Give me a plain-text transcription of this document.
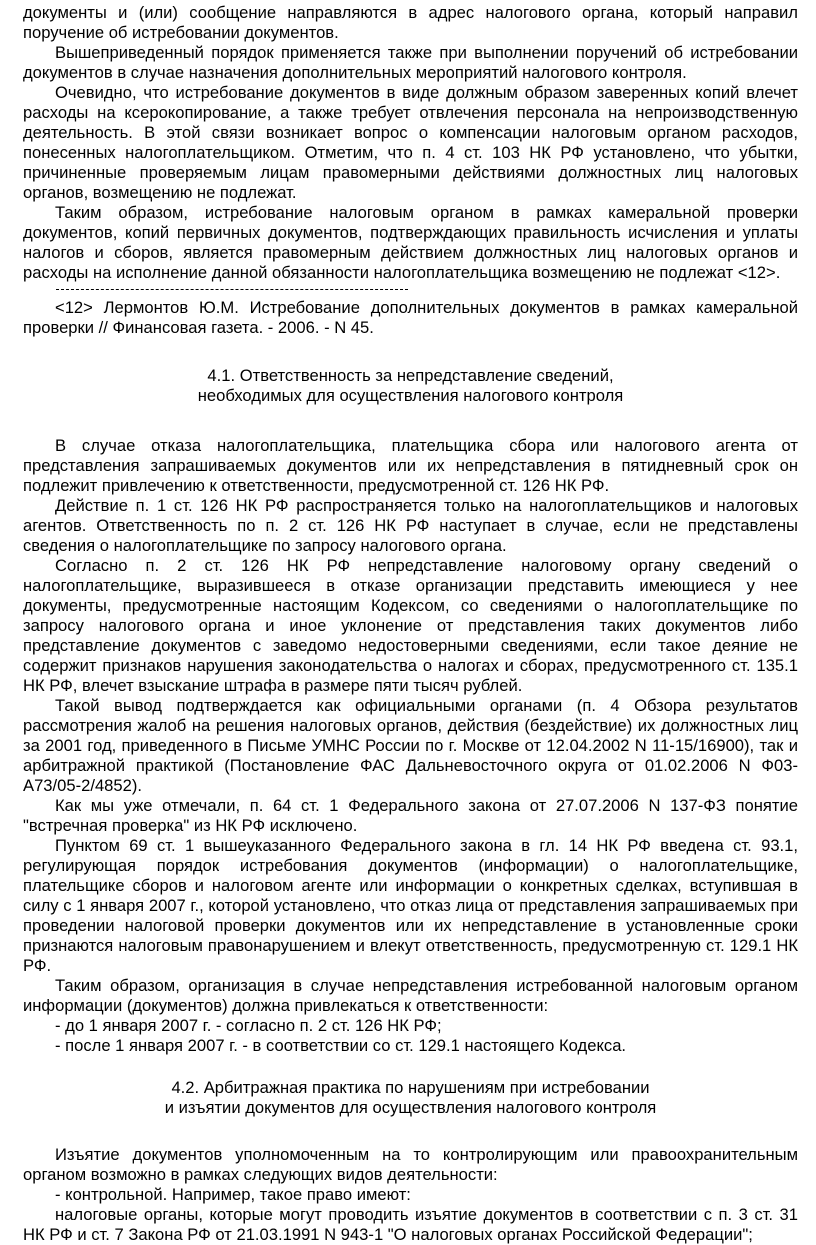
документы и (или) сообщение направляются в адрес налогового органа, который направил поручение об истребовании документов.

Вышеприведенный порядок применяется также при выполнении поручений об истребовании документов в случае назначения дополнительных мероприятий налогового контроля.

Очевидно, что истребование документов в виде должным образом заверенных копий влечет расходы на ксерокопирование, а также требует отвлечения персонала на непроизводственную деятельность. В этой связи возникает вопрос о компенсации налоговым органом расходов, понесенных налогоплательщиком. Отметим, что п. 4 ст. 103 НК РФ установлено, что убытки, причиненные проверяемым лицам правомерными действиями должностных лиц налоговых органов, возмещению не подлежат.

Таким образом, истребование налоговым органом в рамках камеральной проверки документов, копий первичных документов, подтверждающих правильность исчисления и уплаты налогов и сборов, является правомерным действием должностных лиц налоговых органов и расходы на исполнение данной обязанности налогоплательщика возмещению не подлежат <12>.

<12> Лермонтов Ю.М. Истребование дополнительных документов в рамках камеральной проверки // Финансовая газета. - 2006. - N 45.

4.1. Ответственность за непредставление сведений,
необходимых для осуществления налогового контроля

В случае отказа налогоплательщика, плательщика сбора или налогового агента от представления запрашиваемых документов или их непредставления в пятидневный срок он подлежит привлечению к ответственности, предусмотренной ст. 126 НК РФ.

Действие п. 1 ст. 126 НК РФ распространяется только на налогоплательщиков и налоговых агентов. Ответственность по п. 2 ст. 126 НК РФ наступает в случае, если не представлены сведения о налогоплательщике по запросу налогового органа.

Согласно п. 2 ст. 126 НК РФ непредставление налоговому органу сведений о налогоплательщике, выразившееся в отказе организации представить имеющиеся у нее документы, предусмотренные настоящим Кодексом, со сведениями о налогоплательщике по запросу налогового органа и иное уклонение от представления таких документов либо представление документов с заведомо недостоверными сведениями, если такое деяние не содержит признаков нарушения законодательства о налогах и сборах, предусмотренного ст. 135.1 НК РФ, влечет взыскание штрафа в размере пяти тысяч рублей.

Такой вывод подтверждается как официальными органами (п. 4 Обзора результатов рассмотрения жалоб на решения налоговых органов, действия (бездействие) их должностных лиц за 2001 год, приведенного в Письме УМНС России по г. Москве от 12.04.2002 N 11-15/16900), так и арбитражной практикой (Постановление ФАС Дальневосточного округа от 01.02.2006 N Ф03- А73/05-2/4852).

Как мы уже отмечали, п. 64 ст. 1 Федерального закона от 27.07.2006 N 137-ФЗ понятие "встречная проверка" из НК РФ исключено.

Пунктом 69 ст. 1 вышеуказанного Федерального закона в гл. 14 НК РФ введена ст. 93.1, регулирующая порядок истребования документов (информации) о налогоплательщике, плательщике сборов и налоговом агенте или информации о конкретных сделках, вступившая в силу с 1 января 2007 г., которой установлено, что отказ лица от представления запрашиваемых при проведении налоговой проверки документов или их непредставление в установленные сроки признаются налоговым правонарушением и влекут ответственность, предусмотренную ст. 129.1 НК РФ.

Таким образом, организация в случае непредставления истребованной налоговым органом информации (документов) должна привлекаться к ответственности:

- до 1 января 2007 г. - согласно п. 2 ст. 126 НК РФ;

- после 1 января 2007 г. - в соответствии со ст. 129.1 настоящего Кодекса.

4.2. Арбитражная практика по нарушениям при истребовании
и изъятии документов для осуществления налогового контроля

Изъятие документов уполномоченным на то контролирующим или правоохранительным органом возможно в рамках следующих видов деятельности:

- контрольной. Например, такое право имеют:

налоговые органы, которые могут проводить изъятие документов в соответствии с п. 3 ст. 31 НК РФ и ст. 7 Закона РФ от 21.03.1991 N 943-1 "О налоговых органах Российской Федерации";
